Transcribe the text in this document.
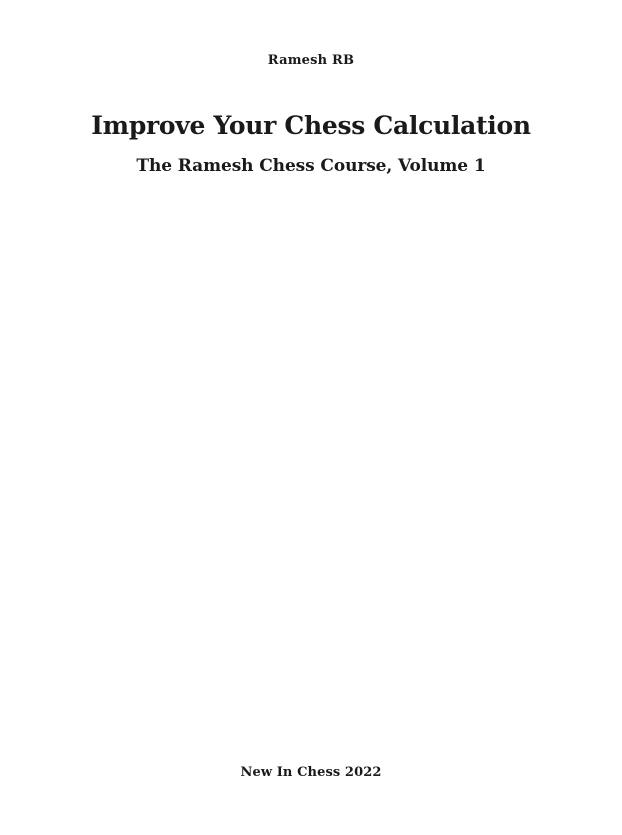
Ramesh RB
Improve Your Chess Calculation
The Ramesh Chess Course, Volume 1
New In Chess 2022
